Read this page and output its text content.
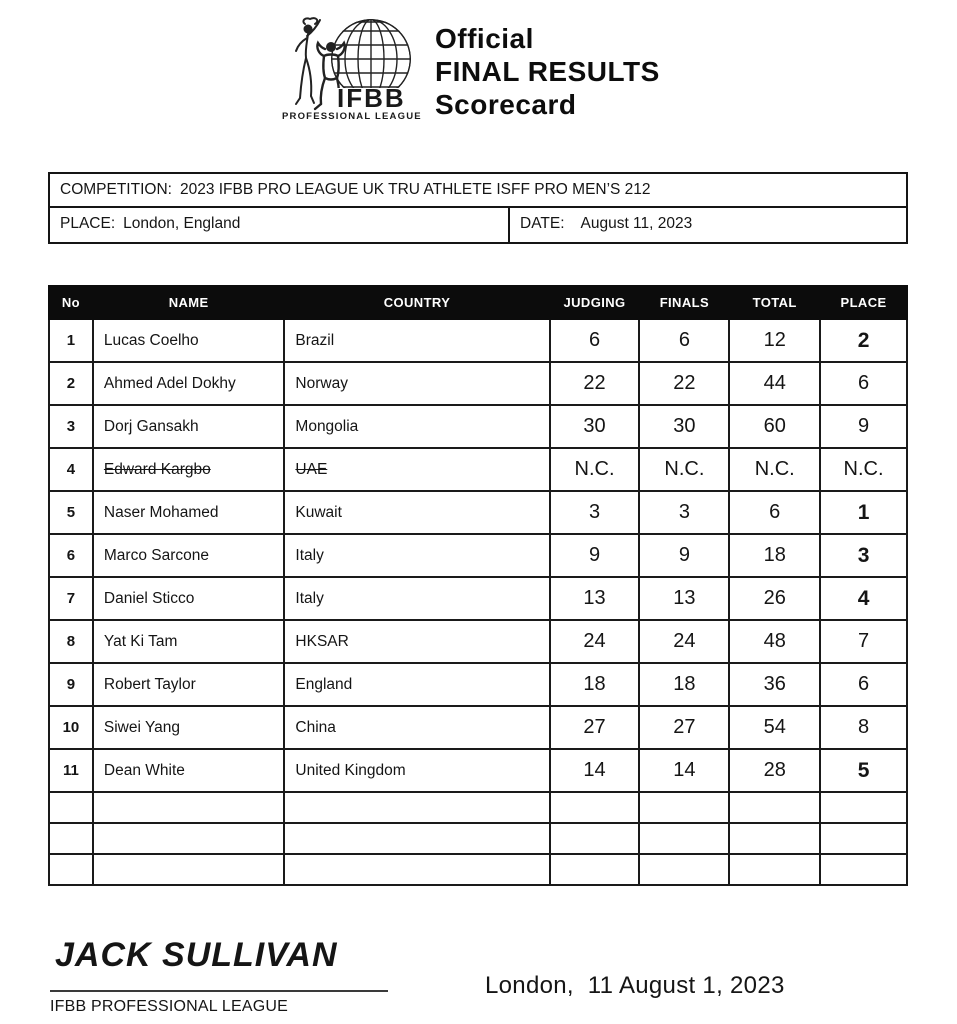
IFBB
PROFESSIONAL LEAGUE
Official
FINAL RESULTS
Scorecard
COMPETITION: 2023 IFBB PRO LEAGUE UK TRU ATHLETE ISFF PRO MEN’S 212
PLACE: London, England	DATE: August 11, 2023
No	NAME	COUNTRY	JUDGING	FINALS	TOTAL	PLACE
1	Lucas Coelho	Brazil	6	6	12	2
2	Ahmed Adel Dokhy	Norway	22	22	44	6
3	Dorj Gansakh	Mongolia	30	30	60	9
4	Edward Kargbo	UAE	N.C.	N.C.	N.C.	N.C.
5	Naser Mohamed	Kuwait	3	3	6	1
6	Marco Sarcone	Italy	9	9	18	3
7	Daniel Sticco	Italy	13	13	26	4
8	Yat Ki Tam	HKSAR	24	24	48	7
9	Robert Taylor	England	18	18	36	6
10	Siwei Yang	China	27	27	54	8
11	Dean White	United Kingdom	14	14	28	5

JACK SULLIVAN
IFBB PROFESSIONAL LEAGUE
London,  11 August 1, 2023
